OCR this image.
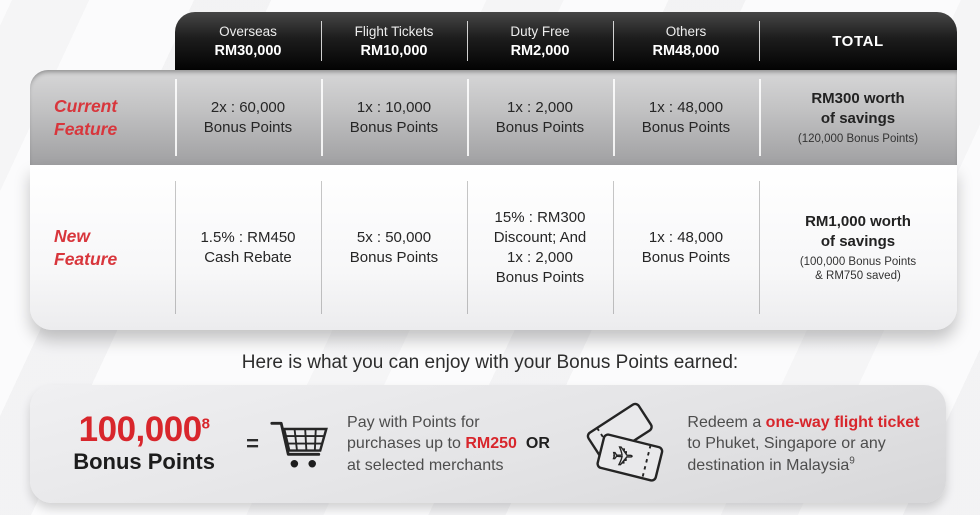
Overseas
RM30,000
Flight Tickets
RM10,000
Duty Free
RM2,000
Others
RM48,000
TOTAL
Current
Feature
2x : 60,000
Bonus Points
1x : 10,000
Bonus Points
1x : 2,000
Bonus Points
1x : 48,000
Bonus Points
RM300 worth
of savings
(120,000 Bonus Points)
New
Feature
1.5% : RM450
Cash Rebate
5x : 50,000
Bonus Points
15% : RM300
Discount; And
1x : 2,000
Bonus Points
1x : 48,000
Bonus Points
RM1,000 worth
of savings
(100,000 Bonus Points
& RM750 saved)
Here is what you can enjoy with your Bonus Points earned:
100,000$^8$
Bonus Points
=
Pay with Points for
purchases up to RM250 OR
at selected merchants	✈
Redeem a one-way flight ticket
to Phuket, Singapore or any
destination in Malaysia$^9$
